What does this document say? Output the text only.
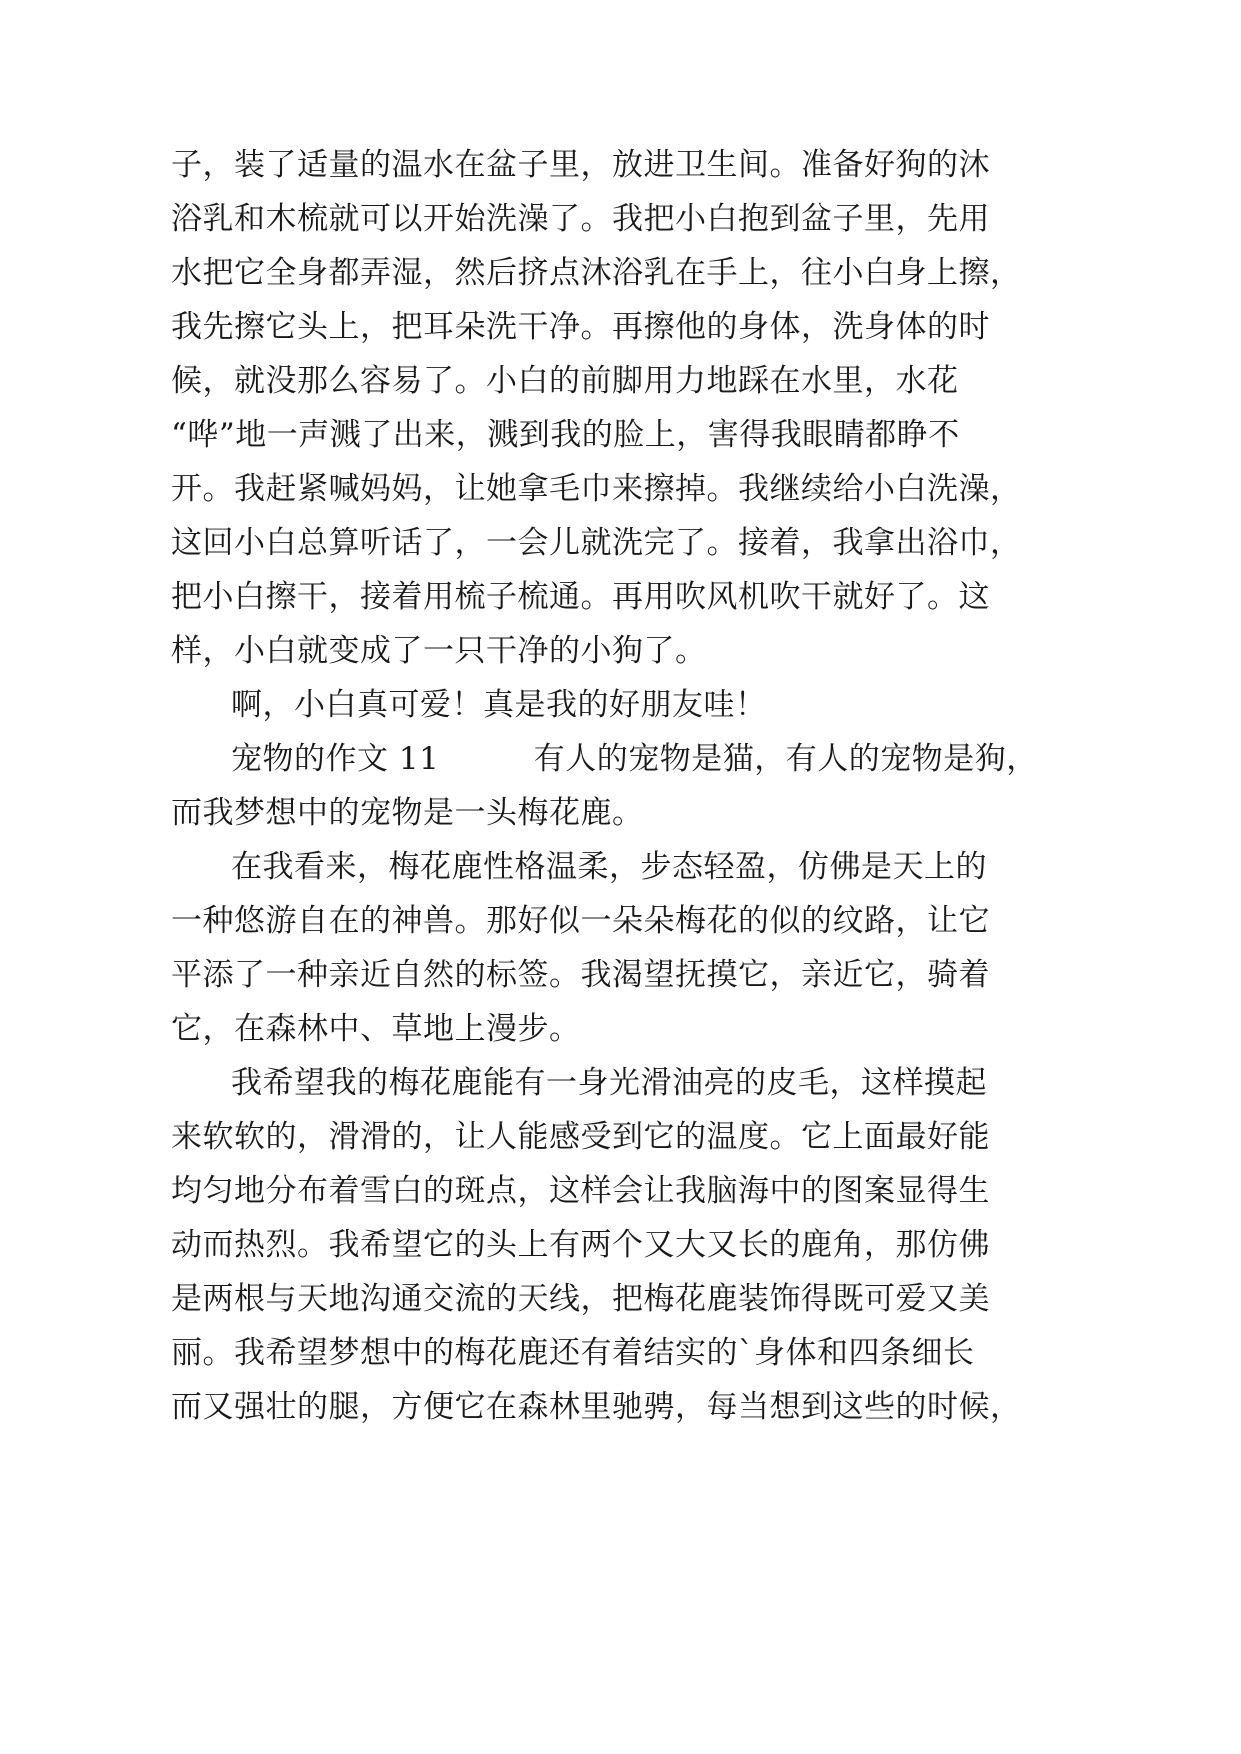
子，装了适量的温水在盆子里，放进卫生间。准备好狗的沐

浴乳和木梳就可以开始洗澡了。我把小白抱到盆子里，先用

水把它全身都弄湿，然后挤点沐浴乳在手上，往小白身上擦，

我先擦它头上，把耳朵洗干净。再擦他的身体，洗身体的时

候，就没那么容易了。小白的前脚用力地踩在水里，水花

“哗”地一声溅了出来，溅到我的脸上，害得我眼睛都睁不

开。我赶紧喊妈妈，让她拿毛巾来擦掉。我继续给小白洗澡，

这回小白总算听话了，一会儿就洗完了。接着，我拿出浴巾，

把小白擦干，接着用梳子梳通。再用吹风机吹干就好了。这

样，小白就变成了一只干净的小狗了。

啊，小白真可爱！真是我的好朋友哇！

宠物的作文 11　　　有人的宠物是猫，有人的宠物是狗，

而我梦想中的宠物是一头梅花鹿。

在我看来，梅花鹿性格温柔，步态轻盈，仿佛是天上的

一种悠游自在的神兽。那好似一朵朵梅花的似的纹路，让它

平添了一种亲近自然的标签。我渴望抚摸它，亲近它，骑着

它，在森林中、草地上漫步。

我希望我的梅花鹿能有一身光滑油亮的皮毛，这样摸起

来软软的，滑滑的，让人能感受到它的温度。它上面最好能

均匀地分布着雪白的斑点，这样会让我脑海中的图案显得生

动而热烈。我希望它的头上有两个又大又长的鹿角，那仿佛

是两根与天地沟通交流的天线，把梅花鹿装饰得既可爱又美

丽。我希望梦想中的梅花鹿还有着结实的`身体和四条细长

而又强壮的腿，方便它在森林里驰骋，每当想到这些的时候，
